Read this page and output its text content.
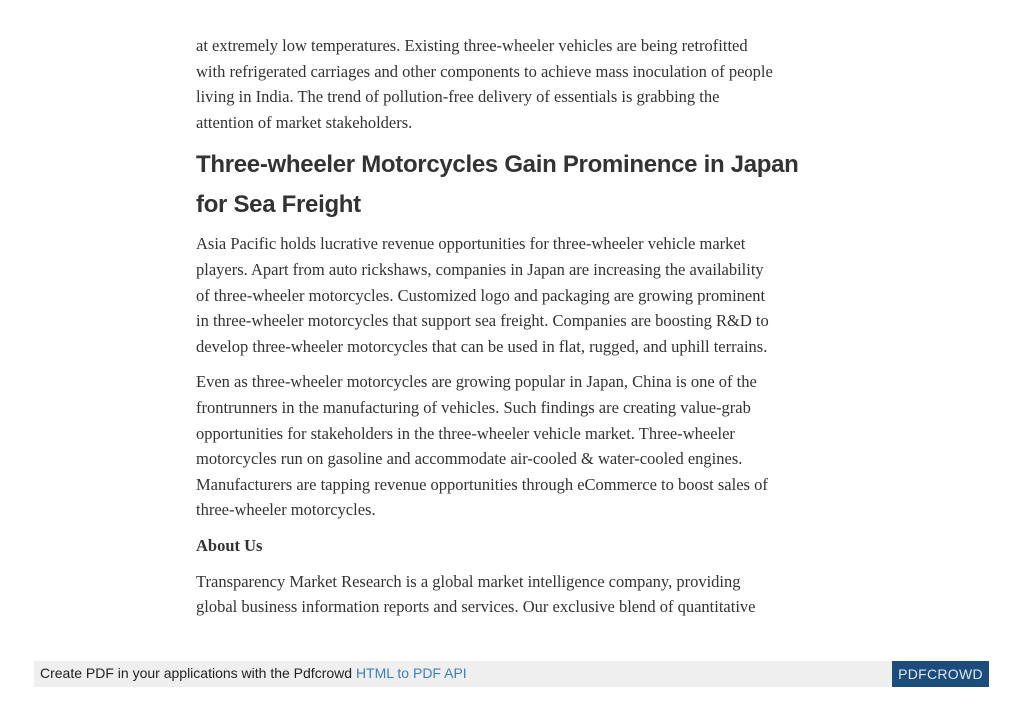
at extremely low temperatures. Existing three-wheeler vehicles are being retrofitted
with refrigerated carriages and other components to achieve mass inoculation of people
living in India. The trend of pollution-free delivery of essentials is grabbing the
attention of market stakeholders.

Three-wheeler Motorcycles Gain Prominence in Japan
for Sea Freight

Asia Pacific holds lucrative revenue opportunities for three-wheeler vehicle market
players. Apart from auto rickshaws, companies in Japan are increasing the availability
of three-wheeler motorcycles. Customized logo and packaging are growing prominent
in three-wheeler motorcycles that support sea freight. Companies are boosting R&D to
develop three-wheeler motorcycles that can be used in flat, rugged, and uphill terrains.

Even as three-wheeler motorcycles are growing popular in Japan, China is one of the
frontrunners in the manufacturing of vehicles. Such findings are creating value-grab
opportunities for stakeholders in the three-wheeler vehicle market. Three-wheeler
motorcycles run on gasoline and accommodate air-cooled & water-cooled engines.
Manufacturers are tapping revenue opportunities through eCommerce to boost sales of
three-wheeler motorcycles.

About Us

Transparency Market Research is a global market intelligence company, providing
global business information reports and services. Our exclusive blend of quantitative

Create PDF in your applications with the Pdfcrowd HTML to PDF API	PDFCROWD
